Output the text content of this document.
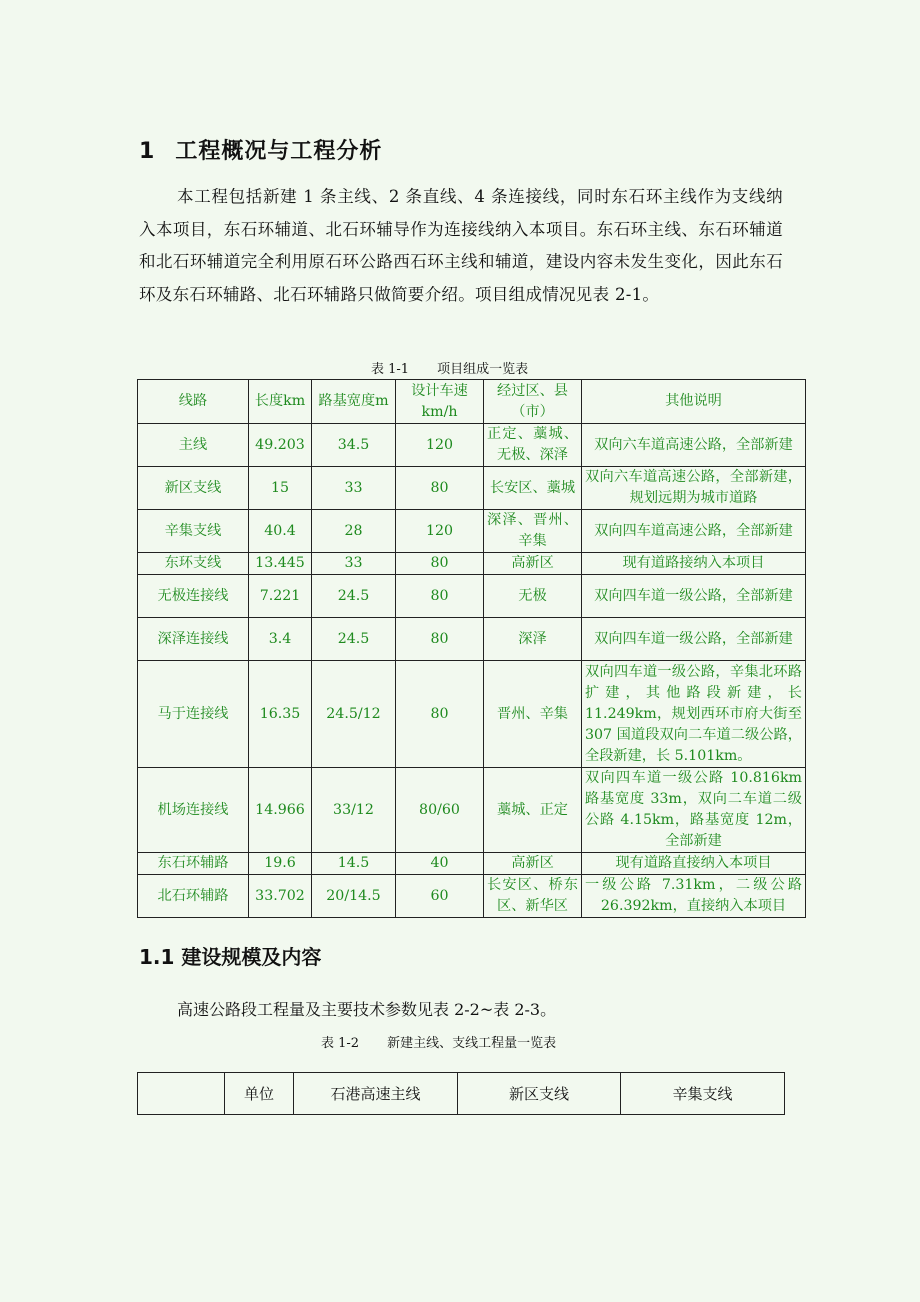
1 工程概况与工程分析

本工程包括新建 1 条主线、2 条直线、4 条连接线，同时东石环主线作为支线纳入本项目，东石环辅道、北石环辅导作为连接线纳入本项目。东石环主线、东石环辅道和北石环辅道完全利用原石环公路西石环主线和辅道，建设内容未发生变化，因此东石环及东石环辅路、北石环辅路只做简要介绍。项目组成情况见表 2-1。

表 1-1 项目组成一览表
线路	长度km	路基宽度m	设计车速km/h	经过区、县（市）	其他说明
主线	49.203	34.5	120	正定、藁城、无极、深泽	双向六车道高速公路，全部新建
新区支线	15	33	80	长安区、藁城	双向六车道高速公路，全部新建，规划远期为城市道路
辛集支线	40.4	28	120	深泽、晋州、辛集	双向四车道高速公路，全部新建
东环支线	13.445	33	80	高新区	现有道路接纳入本项目
无极连接线	7.221	24.5	80	无极	双向四车道一级公路，全部新建
深泽连接线	3.4	24.5	80	深泽	双向四车道一级公路，全部新建
马于连接线	16.35	24.5/12	80	晋州、辛集	双向四车道一级公路，辛集北环路扩建，其他路段新建，长11.249km，规划西环市府大街至 307 国道段双向二车道二级公路，全段新建，长 5.101km。
机场连接线	14.966	33/12	80/60	藁城、正定	双向四车道一级公路 10.816km 路基宽度 33m，双向二车道二级公路 4.15km，路基宽度 12m，全部新建
东石环辅路	19.6	14.5	40	高新区	现有道路直接纳入本项目
北石环辅路	33.702	20/14.5	60	长安区、桥东区、新华区	一级公路 7.31km，二级公路26.392km，直接纳入本项目
1.1 建设规模及内容

高速公路段工程量及主要技术参数见表 2-2~表 2-3。

表 1-2 新建主线、支线工程量一览表
	单位	石港高速主线	新区支线	辛集支线
